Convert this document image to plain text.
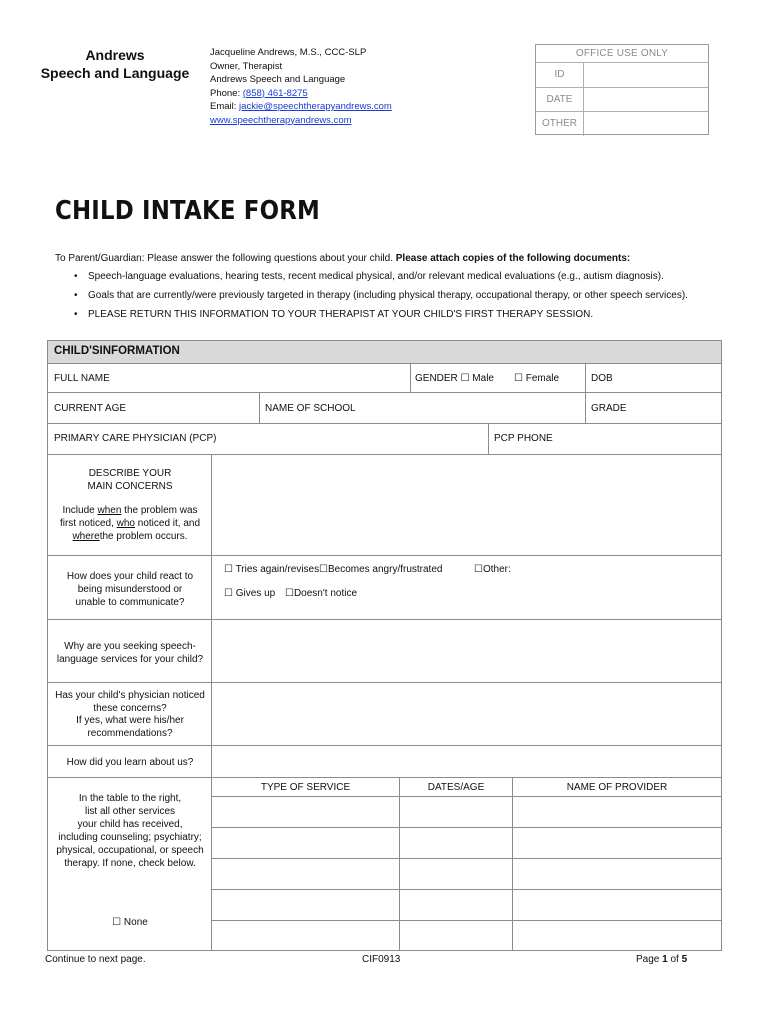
Andrews
Speech and Language
Jacqueline Andrews, M.S., CCC-SLP
Owner, Therapist
Andrews Speech and Language
Phone: (858) 461-8275
Email: jackie@speechtherapyandrews.com
www.speechtherapyandrews.com
OFFICE USE ONLY
ID
DATE
OTHER
CHILD INTAKE FORM
To Parent/Guardian: Please answer the following questions about your child. Please attach copies of the following documents:
• Speech-language evaluations, hearing tests, recent medical physical, and/or relevant medical evaluations (e.g., autism diagnosis).
• Goals that are currently/were previously targeted in therapy (including physical therapy, occupational therapy, or other speech services).
• PLEASE RETURN THIS INFORMATION TO YOUR THERAPIST AT YOUR CHILD'S FIRST THERAPY SESSION.
CHILD'SINFORMATION
FULL NAME	GENDER ☐ Male ☐ Female	DOB
CURRENT AGE	NAME OF SCHOOL	GRADE
PRIMARY CARE PHYSICIAN (PCP)	PCP PHONE
DESCRIBE YOUR
MAIN CONCERNS
Include when the problem was
first noticed, who noticed it, and
wherethe problem occurs.
How does your child react to
being misunderstood or
unable to communicate?
☐ Tries again/revises ☐Becomes angry/frustrated	☐Other:
☐ Gives up ☐Doesn't notice
Why are you seeking speech-
language services for your child?
Has your child's physician noticed
these concerns?
If yes, what were his/her
recommendations?
How did you learn about us?
In the table to the right,
list all other services
your child has received,
including counseling; psychiatry;
physical, occupational, or speech
therapy. If none, check below.
☐ None
TYPE OF SERVICE	DATES/AGE	NAME OF PROVIDER
Continue to next page.	CIF0913	Page 1 of 5
